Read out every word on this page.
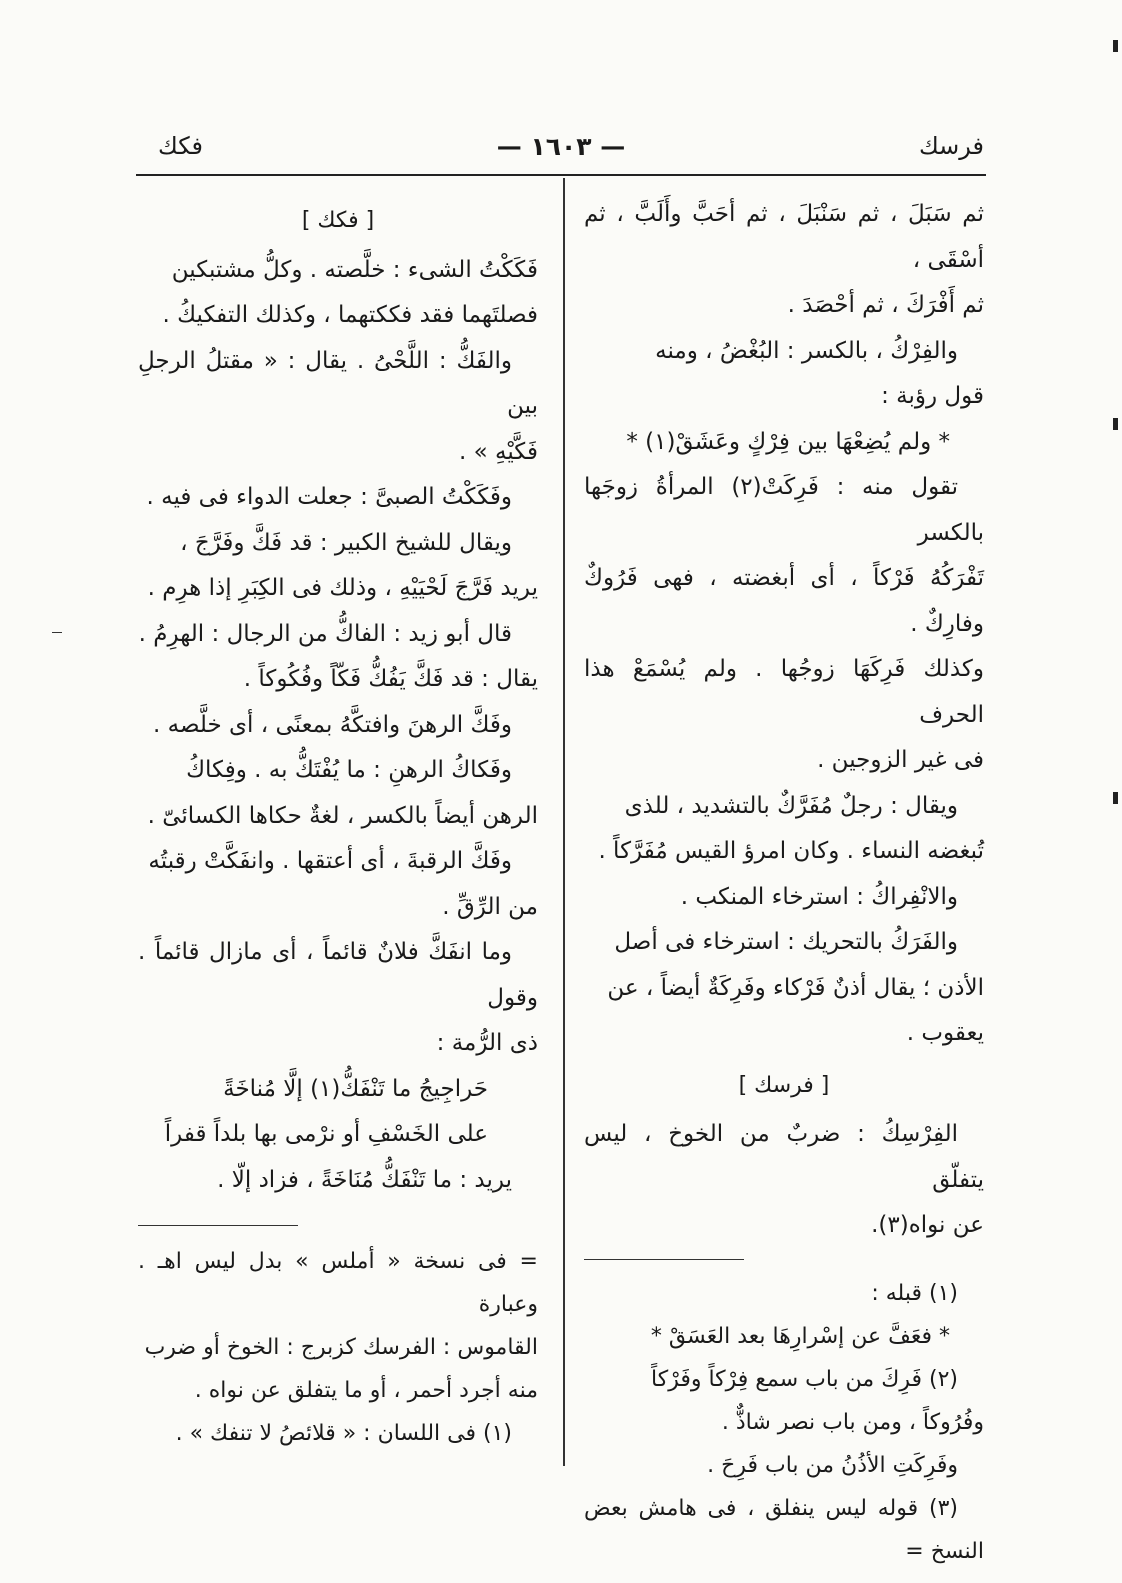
فرسك
— ١٦٠٣ —
فكك

ثم سَبَلَ ، ثم سَنْبَلَ ، ثم أحَبَّ وأَلَبَّ ، ثم أسْقَى ،

ثم أَفْرَكَ ، ثم أحْصَدَ .

والفِرْكُ ، بالكسر : البُغْضُ ، ومنه

قول رؤبة :

* ولم يُضِعْهَا بين فِرْكٍ وعَشَقْ(١) *

تقول منه : فَرِكَتْ(٢) المرأةُ زوجَها بالكسر

تَفْرَكُهُ فَرْكاً ، أى أبغضته ، فهى فَرُوكٌ وفارِكٌ .

وكذلك فَرِكَهَا زوجُها . ولم يُسْمَعْ هذا الحرف

فى غير الزوجين .

ويقال : رجلٌ مُفَرَّكٌ بالتشديد ، للذى

تُبغضه النساء . وكان امرؤ القيس مُفَرَّكاً .

والانْفِراكُ : استرخاء المنكب .

والفَرَكُ بالتحريك : استرخاء فى أصل

الأذن ؛ يقال أذنٌ فَرْكاء وفَرِكَةٌ أيضاً ، عن

يعقوب .

[ فرسك ]

الفِرْسِكُ : ضربٌ من الخوخ ، ليس يتفلّق

عن نواه(٣).

(١) قبله :

* فعَفَّ عن إسْرارِهَا بعد العَسَقْ *

(٢) فَرِكَ من باب سمع فِرْكاً وفَرْكاً

وفُرُوكاً ، ومن باب نصر شاذٌّ .

وفَرِكَتِ الأذُنُ من باب فَرِحَ .

(٣) قوله ليس ينفلق ، فى هامش بعض النسخ =

[ فكك ]

فَكَكْتُ الشىء : خلَّصته . وكلُّ مشتبكين

فصلتَهما فقد فككتهما ، وكذلك التفكيكُ .

والفَكُّ : اللَّحْىُ . يقال : « مقتلُ الرجلِ بين

فَكَّيْهِ » .

وفَكَكْتُ الصبىَّ : جعلت الدواء فى فيه .

ويقال للشيخ الكبير : قد فَكَّ وفَرَّجَ ،

يريد فَرَّجَ لَحْيَيْهِ ، وذلك فى الكِبَرِ إذا هرِم .

قال أبو زيد : الفاكُّ من الرجال : الهرِمُ .

يقال : قد فَكَّ يَفُكُّ فَكّاً وفُكُوكاً .

وفَكَّ الرهنَ وافتكَّهُ بمعنًى ، أى خلَّصه .

وفَكاكُ الرهنِ : ما يُفْتَكُّ به . وفِكاكُ

الرهن أيضاً بالكسر ، لغةٌ حكاها الكسائىّ .

وفَكَّ الرقبةَ ، أى أعتقها . وانفَكَّتْ رقبتُه

من الرِّقِّ .

وما انفَكَّ فلانٌ قائماً ، أى مازال قائماً . وقول

ذى الرُّمة :

حَراجِيجُ ما تَنْفَكُّ(١) إلَّا مُناخَةً

على الخَسْفِ أو نرْمى بها بلداً قفراً

يريد : ما تَنْفَكُّ مُنَاخَةً ، فزاد إلّا .

= فى نسخة « أملس » بدل ليس اهـ . وعبارة

القاموس : الفرسك كزبرج : الخوخ أو ضرب

منه أجرد أحمر ، أو ما يتفلق عن نواه .

(١) فى اللسان : « قلائصُ لا تنفك » .
